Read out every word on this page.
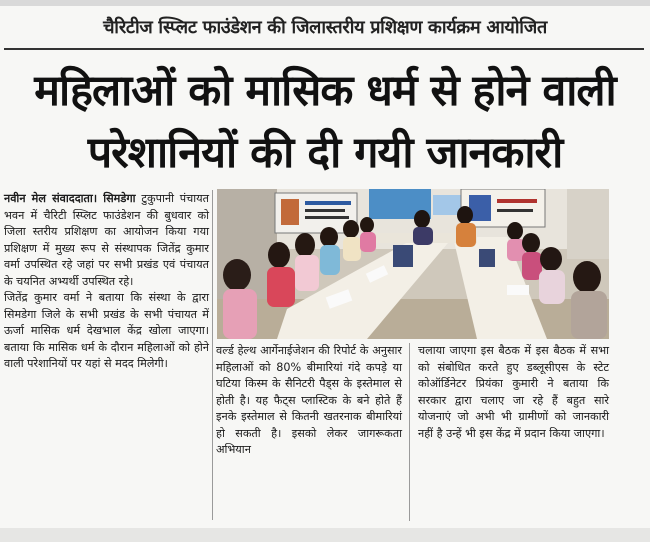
चैरिटीज स्प्लिट फाउंडेशन की जिलास्तरीय प्रशिक्षण कार्यक्रम आयोजित
महिलाओं को मासिक धर्म से होने वाली
परेशानियों की दी गयी जानकारी

नवीन मेल संवाददाता। सिमडेगा टुकुपानी पंचायत भवन में चैरिटी स्प्लिट फाउंडेशन की बुधवार को जिला स्तरीय प्रशिक्षण का आयोजन किया गया प्रशिक्षण में मुख्य रूप से संस्थापक जितेंद्र कुमार वर्मा उपस्थित रहे जहां पर सभी प्रखंड एवं पंचायत के चयनित अभ्यर्थी उपस्थित रहे।

जितेंद्र कुमार वर्मा ने बताया कि संस्था के द्वारा सिमडेगा जिले के सभी प्रखंड के सभी पंचायत में ऊर्जा मासिक धर्म देखभाल केंद्र खोला जाएगा। बताया कि मासिक धर्म के दौरान महिलाओं को होने वाली परेशानियों पर यहां से मदद मिलेगी।

वर्ल्ड हेल्थ आर्गेनाईजेशन की रिपोर्ट के अनुसार महिलाओं को 80% बीमारियां गंदे कपड़े या घटिया किस्म के सैनिटरी पैड्स के इस्तेमाल से होती है। यह फैट्स प्लास्टिक के बने होते हैं इनके इस्तेमाल से कितनी खतरनाक बीमारियां हो सकती है। इसको लेकर जागरूकता अभियान
चलाया जाएगा इस बैठक में इस बैठक में सभा को संबोधित करते हुए डब्लूसीएस के स्टेट कोऑर्डिनेटर प्रियंका कुमारी ने बताया कि सरकार द्वारा चलाए जा रहे हैं बहुत सारे योजनाएं जो अभी भी ग्रामीणों को जानकारी नहीं है उन्हें भी इस केंद्र में प्रदान किया जाएगा।
